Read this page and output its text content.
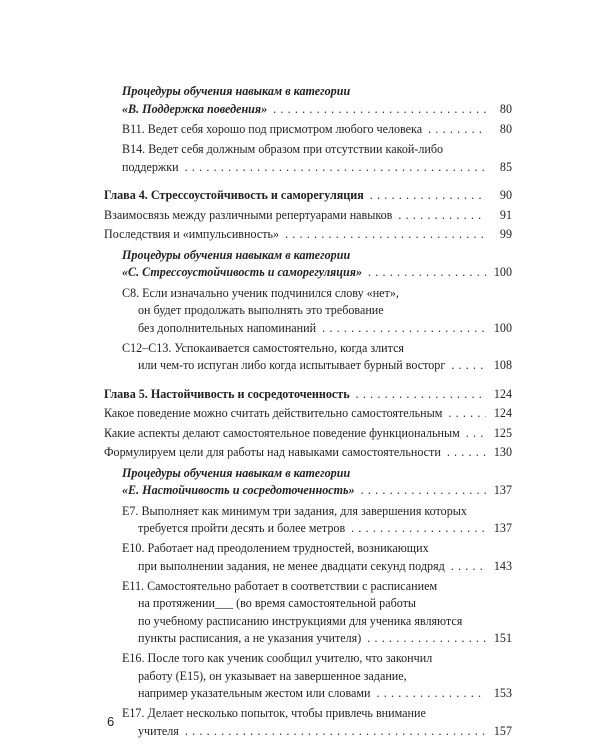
Процедуры обучения навыкам в категории
«B. Поддержка поведения» . . .	80
B11. Ведет себя хорошо под присмотром любого человека . . .	80
B14. Ведет себя должным образом при отсутствии какой-либо
поддержки . . .	85
Глава 4. Стрессоустойчивость и саморегуляция . . .	90
Взаимосвязь между различными репертуарами навыков . . .	91
Последствия и «импульсивность» . . .	99
Процедуры обучения навыкам в категории
«C. Стрессоустойчивость и саморегуляция» . . .	100
C8. Если изначально ученик подчинился слову «нет»,
он будет продолжать выполнять это требование
без дополнительных напоминаний . . .	100
C12–C13. Успокаивается самостоятельно, когда злится
или чем-то испуган либо когда испытывает бурный восторг . . .	108
Глава 5. Настойчивость и сосредоточенность . . .	124
Какое поведение можно считать действительно самостоятельным . . .	124
Какие аспекты делают самостоятельное поведение функциональным . . .	125
Формулируем цели для работы над навыками самостоятельности . . .	130
Процедуры обучения навыкам в категории
«E. Настойчивость и сосредоточенность» . . .	137
E7. Выполняет как минимум три задания, для завершения которых
требуется пройти десять и более метров . . .	137
E10. Работает над преодолением трудностей, возникающих
при выполнении задания, не менее двадцати секунд подряд . . .	143
E11. Самостоятельно работает в соответствии с расписанием
на протяжении___ (во время самостоятельной работы
по учебному расписанию инструкциями для ученика являются
пункты расписания, а не указания учителя) . . .	151
E16. После того как ученик сообщил учителю, что закончил
работу (E15), он указывает на завершенное задание,
например указательным жестом или словами . . .	153
E17. Делает несколько попыток, чтобы привлечь внимание
учителя . . .	157
6
